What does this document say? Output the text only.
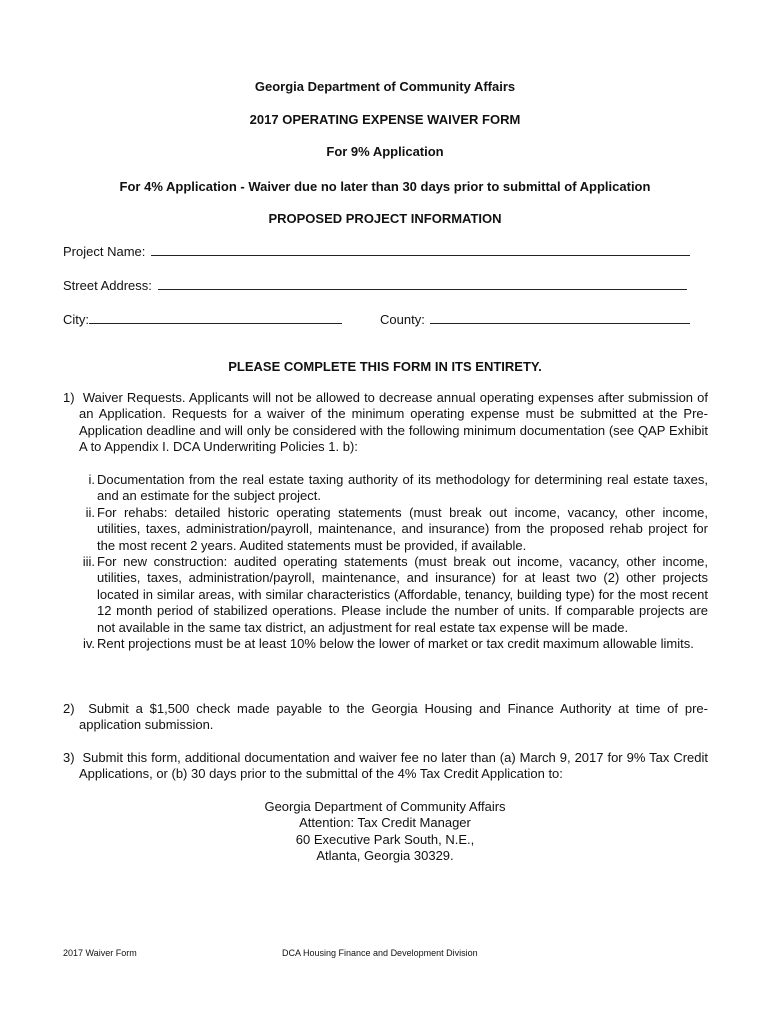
Georgia Department of Community Affairs
2017 OPERATING EXPENSE WAIVER FORM
For 9% Application
For 4% Application - Waiver due no later than 30 days prior to submittal of Application
PROPOSED PROJECT INFORMATION
Project Name:
Street Address:
City:	County:
PLEASE COMPLETE THIS FORM IN ITS ENTIRETY.
1) Waiver Requests. Applicants will not be allowed to decrease annual operating expenses after submission of an Application. Requests for a waiver of the minimum operating expense must be submitted at the Pre-Application deadline and will only be considered with the following minimum documentation (see QAP Exhibit A to Appendix I. DCA Underwriting Policies 1. b):
i. Documentation from the real estate taxing authority of its methodology for determining real estate taxes, and an estimate for the subject project.
ii. For rehabs: detailed historic operating statements (must break out income, vacancy, other income, utilities, taxes, administration/payroll, maintenance, and insurance) from the proposed rehab project for the most recent 2 years. Audited statements must be provided, if available.
iii. For new construction: audited operating statements (must break out income, vacancy, other income, utilities, taxes, administration/payroll, maintenance, and insurance) for at least two (2) other projects located in similar areas, with similar characteristics (Affordable, tenancy, building type) for the most recent 12 month period of stabilized operations. Please include the number of units. If comparable projects are not available in the same tax district, an adjustment for real estate tax expense will be made.
iv. Rent projections must be at least 10% below the lower of market or tax credit maximum allowable limits.
2) Submit a $1,500 check made payable to the Georgia Housing and Finance Authority at time of pre-application submission.
3) Submit this form, additional documentation and waiver fee no later than (a) March 9, 2017 for 9% Tax Credit Applications, or (b) 30 days prior to the submittal of the 4% Tax Credit Application to:
Georgia Department of Community Affairs
Attention: Tax Credit Manager
60 Executive Park South, N.E.,
Atlanta, Georgia 30329.
2017 Waiver Form	DCA Housing Finance and Development Division
